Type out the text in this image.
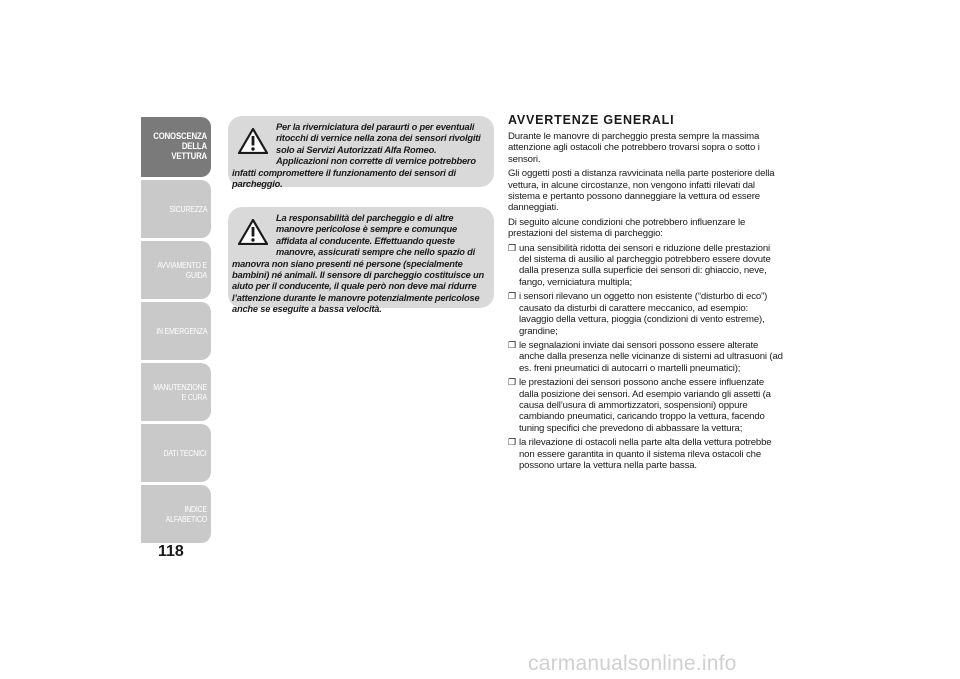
CONOSCENZA DELLA VETTURA
SICUREZZA
AVVIAMENTO E GUIDA
IN EMERGENZA
MANUTENZIONE E CURA
DATI TECNICI
INDICE ALFABETICO
118

Per la riverniciatura del paraurti o per eventuali ritocchi di vernice nella zona dei sensori rivolgiti solo ai Servizi Autorizzati Alfa Romeo. Applicazioni non corrette di vernice potrebbero infatti compromettere il funzionamento dei sensori di parcheggio.

La responsabilità del parcheggio e di altre manovre pericolose è sempre e comunque affidata al conducente. Effettuando queste manovre, assicurati sempre che nello spazio di manovra non siano presenti né persone (specialmente bambini) né animali. Il sensore di parcheggio costituisce un aiuto per il conducente, il quale però non deve mai ridurre l’attenzione durante le manovre potenzialmente pericolose anche se eseguite a bassa velocità.

AVVERTENZE GENERALI

Durante le manovre di parcheggio presta sempre la massima attenzione agli ostacoli che potrebbero trovarsi sopra o sotto i sensori.

Gli oggetti posti a distanza ravvicinata nella parte posteriore della vettura, in alcune circostanze, non vengono infatti rilevati dal sistema e pertanto possono danneggiare la vettura od essere danneggiati.

Di seguito alcune condizioni che potrebbero influenzare le prestazioni del sistema di parcheggio:

❒ una sensibilità ridotta dei sensori e riduzione delle prestazioni del sistema di ausilio al parcheggio potrebbero essere dovute dalla presenza sulla superficie dei sensori di: ghiaccio, neve, fango, verniciatura multipla;
❒ i sensori rilevano un oggetto non esistente (“disturbo di eco”) causato da disturbi di carattere meccanico, ad esempio: lavaggio della vettura, pioggia (condizioni di vento estreme), grandine;
❒ le segnalazioni inviate dai sensori possono essere alterate anche dalla presenza nelle vicinanze di sistemi ad ultrasuoni (ad es. freni pneumatici di autocarri o martelli pneumatici);
❒ le prestazioni dei sensori possono anche essere influenzate dalla posizione dei sensori. Ad esempio variando gli assetti (a causa dell’usura di ammortizzatori, sospensioni) oppure cambiando pneumatici, caricando troppo la vettura, facendo tuning specifici che prevedono di abbassare la vettura;
❒ la rilevazione di ostacoli nella parte alta della vettura potrebbe non essere garantita in quanto il sistema rileva ostacoli che possono urtare la vettura nella parte bassa.
carmanualsonline.info
